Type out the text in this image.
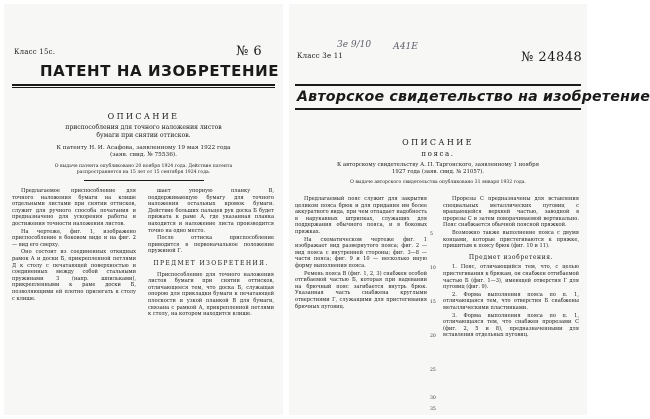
Класс 15с.	№ 6
ПАТЕНТ НА ИЗОБРЕТЕНИЕ
ОПИСАНИЕ
приспособления для точного наложения листов
бумаги при снятии оттисков.
К патенту Н. И. Асафова, заявленному 19 мая 1922 года
(заяв. свид. № 75536).
О выдаче патента опубликовано 20 ноября 1924 года. Действие патента
распространяется на 15 лет от 15 сентября 1924 года.

Предлагаемое приспособление для точного наложения бумаги на клише отдельными листами при снятии оттисков, служит для ручного способа печатания и предназначено для ускорения работы и достижения точности наложения листов.

На чертеже, фиг. 1, изображено приспособление в боковом виде и на фиг. 2 — вид его сверху.

Оно состоит из соединенных откидных рамок А и доски Б, прикрепленной петлями Д к столу с печатающей поверхностью и соединенных между собой стальными пружинами З (напр. шпильками), прикрепленными к раме доски Б, позволяющими ей плотно прилегать к столу с клише.

шает упорную планку В, поддерживающую бумагу для точного наложения остальных кромок бумаги. Действие больших пальцев рук доска Б будет прижата к раме А, где указанная планка находится и наложение листа производится точно на одно место.

После оттиска приспособление приводится в первоначальное положение пружиной Г.

ПРЕДМЕТ ИЗОБРЕТЕНИЯ.

Приспособление для точного наложения листов бумаги при снятии оттисков, отличающееся тем, что доска Б, служащая опорою для прикладки бумаги к печатающей плоскости и узкой планкой В для бумаги, связана с рамкой А, прикрепленной петлями к столу, на котором находится клише.

Класс 3е 11
3е 9/10 А41Е
№ 24848
Авторское свидетельство на изобретение
ОПИСАНИЕ
пояса.
К авторскому свидетельству А. П. Таргонского, заявленному 1 ноября
1927 года (заяв. свид. № 21057).
О выдаче авторского свидетельства опубликовано 31 января 1932 года.

Предлагаемый пояс служит для закрытия целиком пояса брюк и для придания им более аккуратного вида, при чем отпадает надобность в нарукавных штрипках, служащих для поддержания обычного пояса, и в боковых пряжках.

На схематическом чертеже фиг. 1 изображает вид развернутого пояса; фиг. 2 — вид пояса с внутренней стороны; фиг. 3—8 — части пояса; фиг. 9 и 10 — несколько иную форму выполнения пояса.

Ремень пояса В (фиг. 1, 2, 3) снабжен особой отгибаемой частью Б, которая при надевании на брючный пояс загибается внутрь брюк. Указанная часть снабжена круглыми отверстиями Г, служащими для пристегивания брючных пуговиц.

5
10
15
20
25
30
35

Прорезы С предназначены для вставления специальных металлических пуговиц с вращающейся верхней частью, заводной в прорезы С и затем поворачиваемой вертикально. Пояс снабжается обычной поясной пряжкой.

Возможно также выполнение пояса с двумя концами, которые пристегиваются к пряжке, пришитым к поясу брюк (фиг. 10 и 11).

Предмет изобретения.

1. Пояс, отличающийся тем, что, с целью пристегивания к брюкам, он снабжен отгибаемой частью Б (фиг. 1—3), имеющей отверстия Г для пуговиц (фиг. 9).

2. Форма выполнения пояса по п. 1, отличающаяся тем, что отверстия Б снабжены металлическими пластинками.

3. Форма выполнения пояса по п. 1, отличающаяся тем, что снабжен прорезами С (фиг. 2, 5 и 8), предназначенными для вставления отдельных пуговиц.
